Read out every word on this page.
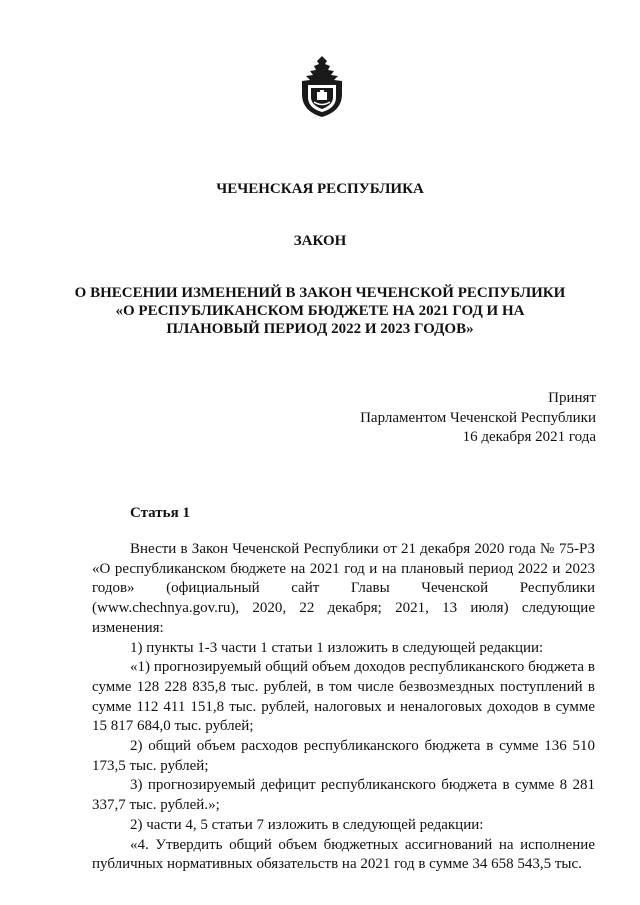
ЧЕЧЕНСКАЯ РЕСПУБЛИКА

ЗАКОН

О ВНЕСЕНИИ ИЗМЕНЕНИЙ В ЗАКОН ЧЕЧЕНСКОЙ РЕСПУБЛИКИ
«О РЕСПУБЛИКАНСКОМ БЮДЖЕТЕ НА 2021 ГОД И НА
ПЛАНОВЫЙ ПЕРИОД 2022 И 2023 ГОДОВ»
Принят
Парламентом Чеченской Республики
16 декабря 2021 года

Статья 1

Внести в Закон Чеченской Республики от 21 декабря 2020 года № 75-РЗ «О республиканском бюджете на 2021 год и на плановый период 2022 и 2023 годов» (официальный сайт Главы Чеченской Республики (www.chechnya.gov.ru), 2020, 22 декабря; 2021, 13 июля) следующие изменения:

1) пункты 1-3 части 1 статьи 1 изложить в следующей редакции:

«1) прогнозируемый общий объем доходов республиканского бюджета в сумме 128 228 835,8 тыс. рублей, в том числе безвозмездных поступлений в сумме 112 411 151,8 тыс. рублей, налоговых и неналоговых доходов в сумме 15 817 684,0 тыс. рублей;

2) общий объем расходов республиканского бюджета в сумме 136 510 173,5 тыс. рублей;

3) прогнозируемый дефицит республиканского бюджета в сумме 8 281 337,7 тыс. рублей.»;

2) части 4, 5 статьи 7 изложить в следующей редакции:

«4. Утвердить общий объем бюджетных ассигнований на исполнение публичных нормативных обязательств на 2021 год в сумме 34 658 543,5 тыс.
